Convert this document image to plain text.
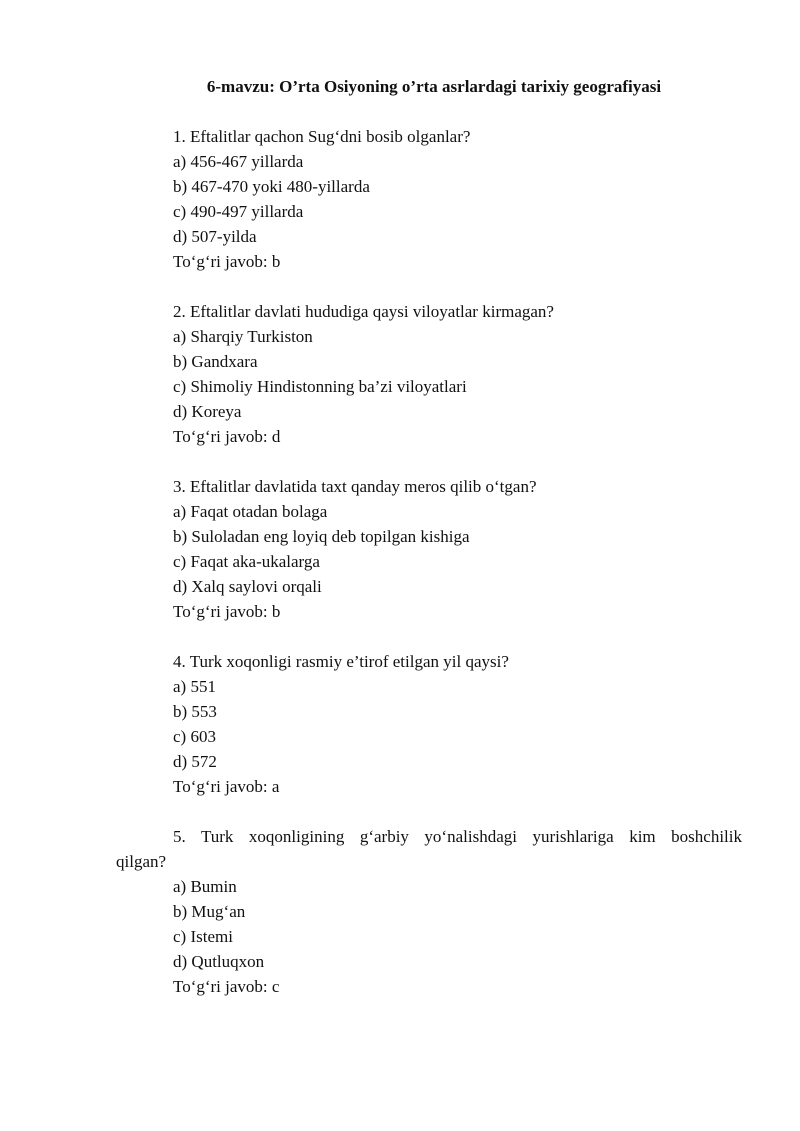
6-mavzu: O’rta Osiyoning o’rta asrlardagi tarixiy geografiyasi

1. Eftalitlar qachon Sug‘dni bosib olganlar?

a) 456-467 yillarda

b) 467-470 yoki 480-yillarda

c) 490-497 yillarda

d) 507-yilda

To‘g‘ri javob: b

2. Eftalitlar davlati hududiga qaysi viloyatlar kirmagan?

a) Sharqiy Turkiston

b) Gandxara

c) Shimoliy Hindistonning ba’zi viloyatlari

d) Koreya

To‘g‘ri javob: d

3. Eftalitlar davlatida taxt qanday meros qilib o‘tgan?

a) Faqat otadan bolaga

b) Suloladan eng loyiq deb topilgan kishiga

c) Faqat aka-ukalarga

d) Xalq saylovi orqali

To‘g‘ri javob: b

4. Turk xoqonligi rasmiy e’tirof etilgan yil qaysi?

a) 551

b) 553

c) 603

d) 572

To‘g‘ri javob: a

5. Turk xoqonligining g‘arbiy yo‘nalishdagi yurishlariga kim boshchilik qilgan?

a) Bumin

b) Mug‘an

c) Istemi

d) Qutluqxon

To‘g‘ri javob: c
